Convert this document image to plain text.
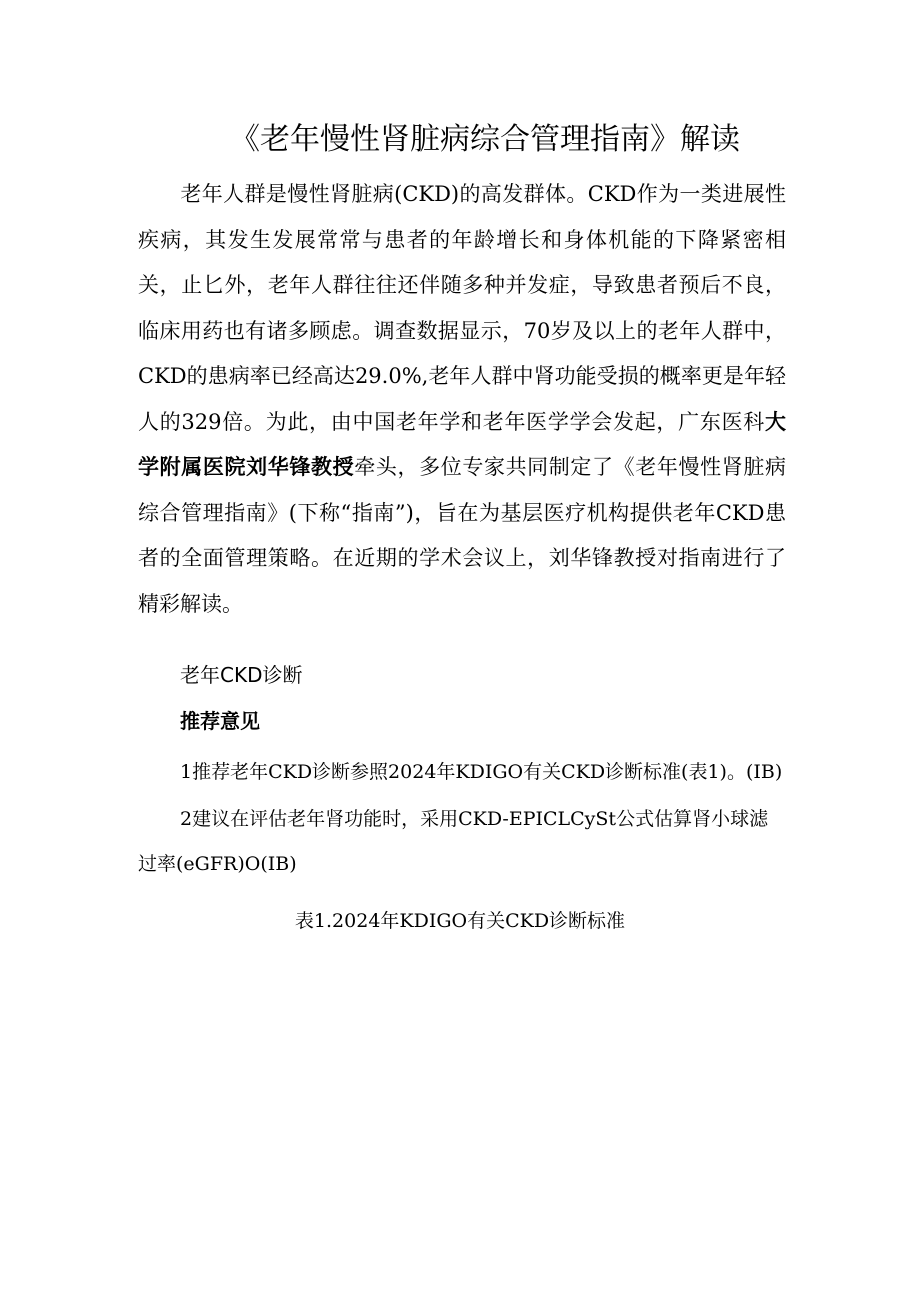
《老年慢性肾脏病综合管理指南》解读

老年人群是慢性肾脏病(CKD)的高发群体。CKD作为一类进展性疾病，其发生发展常常与患者的年龄增长和身体机能的下降紧密相关，止匕外，老年人群往往还伴随多种并发症，导致患者预后不良，临床用药也有诸多顾虑。调查数据显示，70岁及以上的老年人群中，CKD的患病率已经高达29.0%,老年人群中肾功能受损的概率更是年轻人的329倍。为此，由中国老年学和老年医学学会发起，广东医科大学附属医院刘华锋教授牵头，多位专家共同制定了《老年慢性肾脏病综合管理指南》(下称“指南”)，旨在为基层医疗机构提供老年CKD患者的全面管理策略。在近期的学术会议上，刘华锋教授对指南进行了精彩解读。

老年CKD诊断
推荐意见

1推荐老年CKD诊断参照2024年KDIGO有关CKD诊断标准(表1)。(IB)

2建议在评估老年肾功能时，采用CKD-EPICLCySt公式估算肾小球滤过率(eGFR)O(IB)

表1.2024年KDIGO有关CKD诊断标准
